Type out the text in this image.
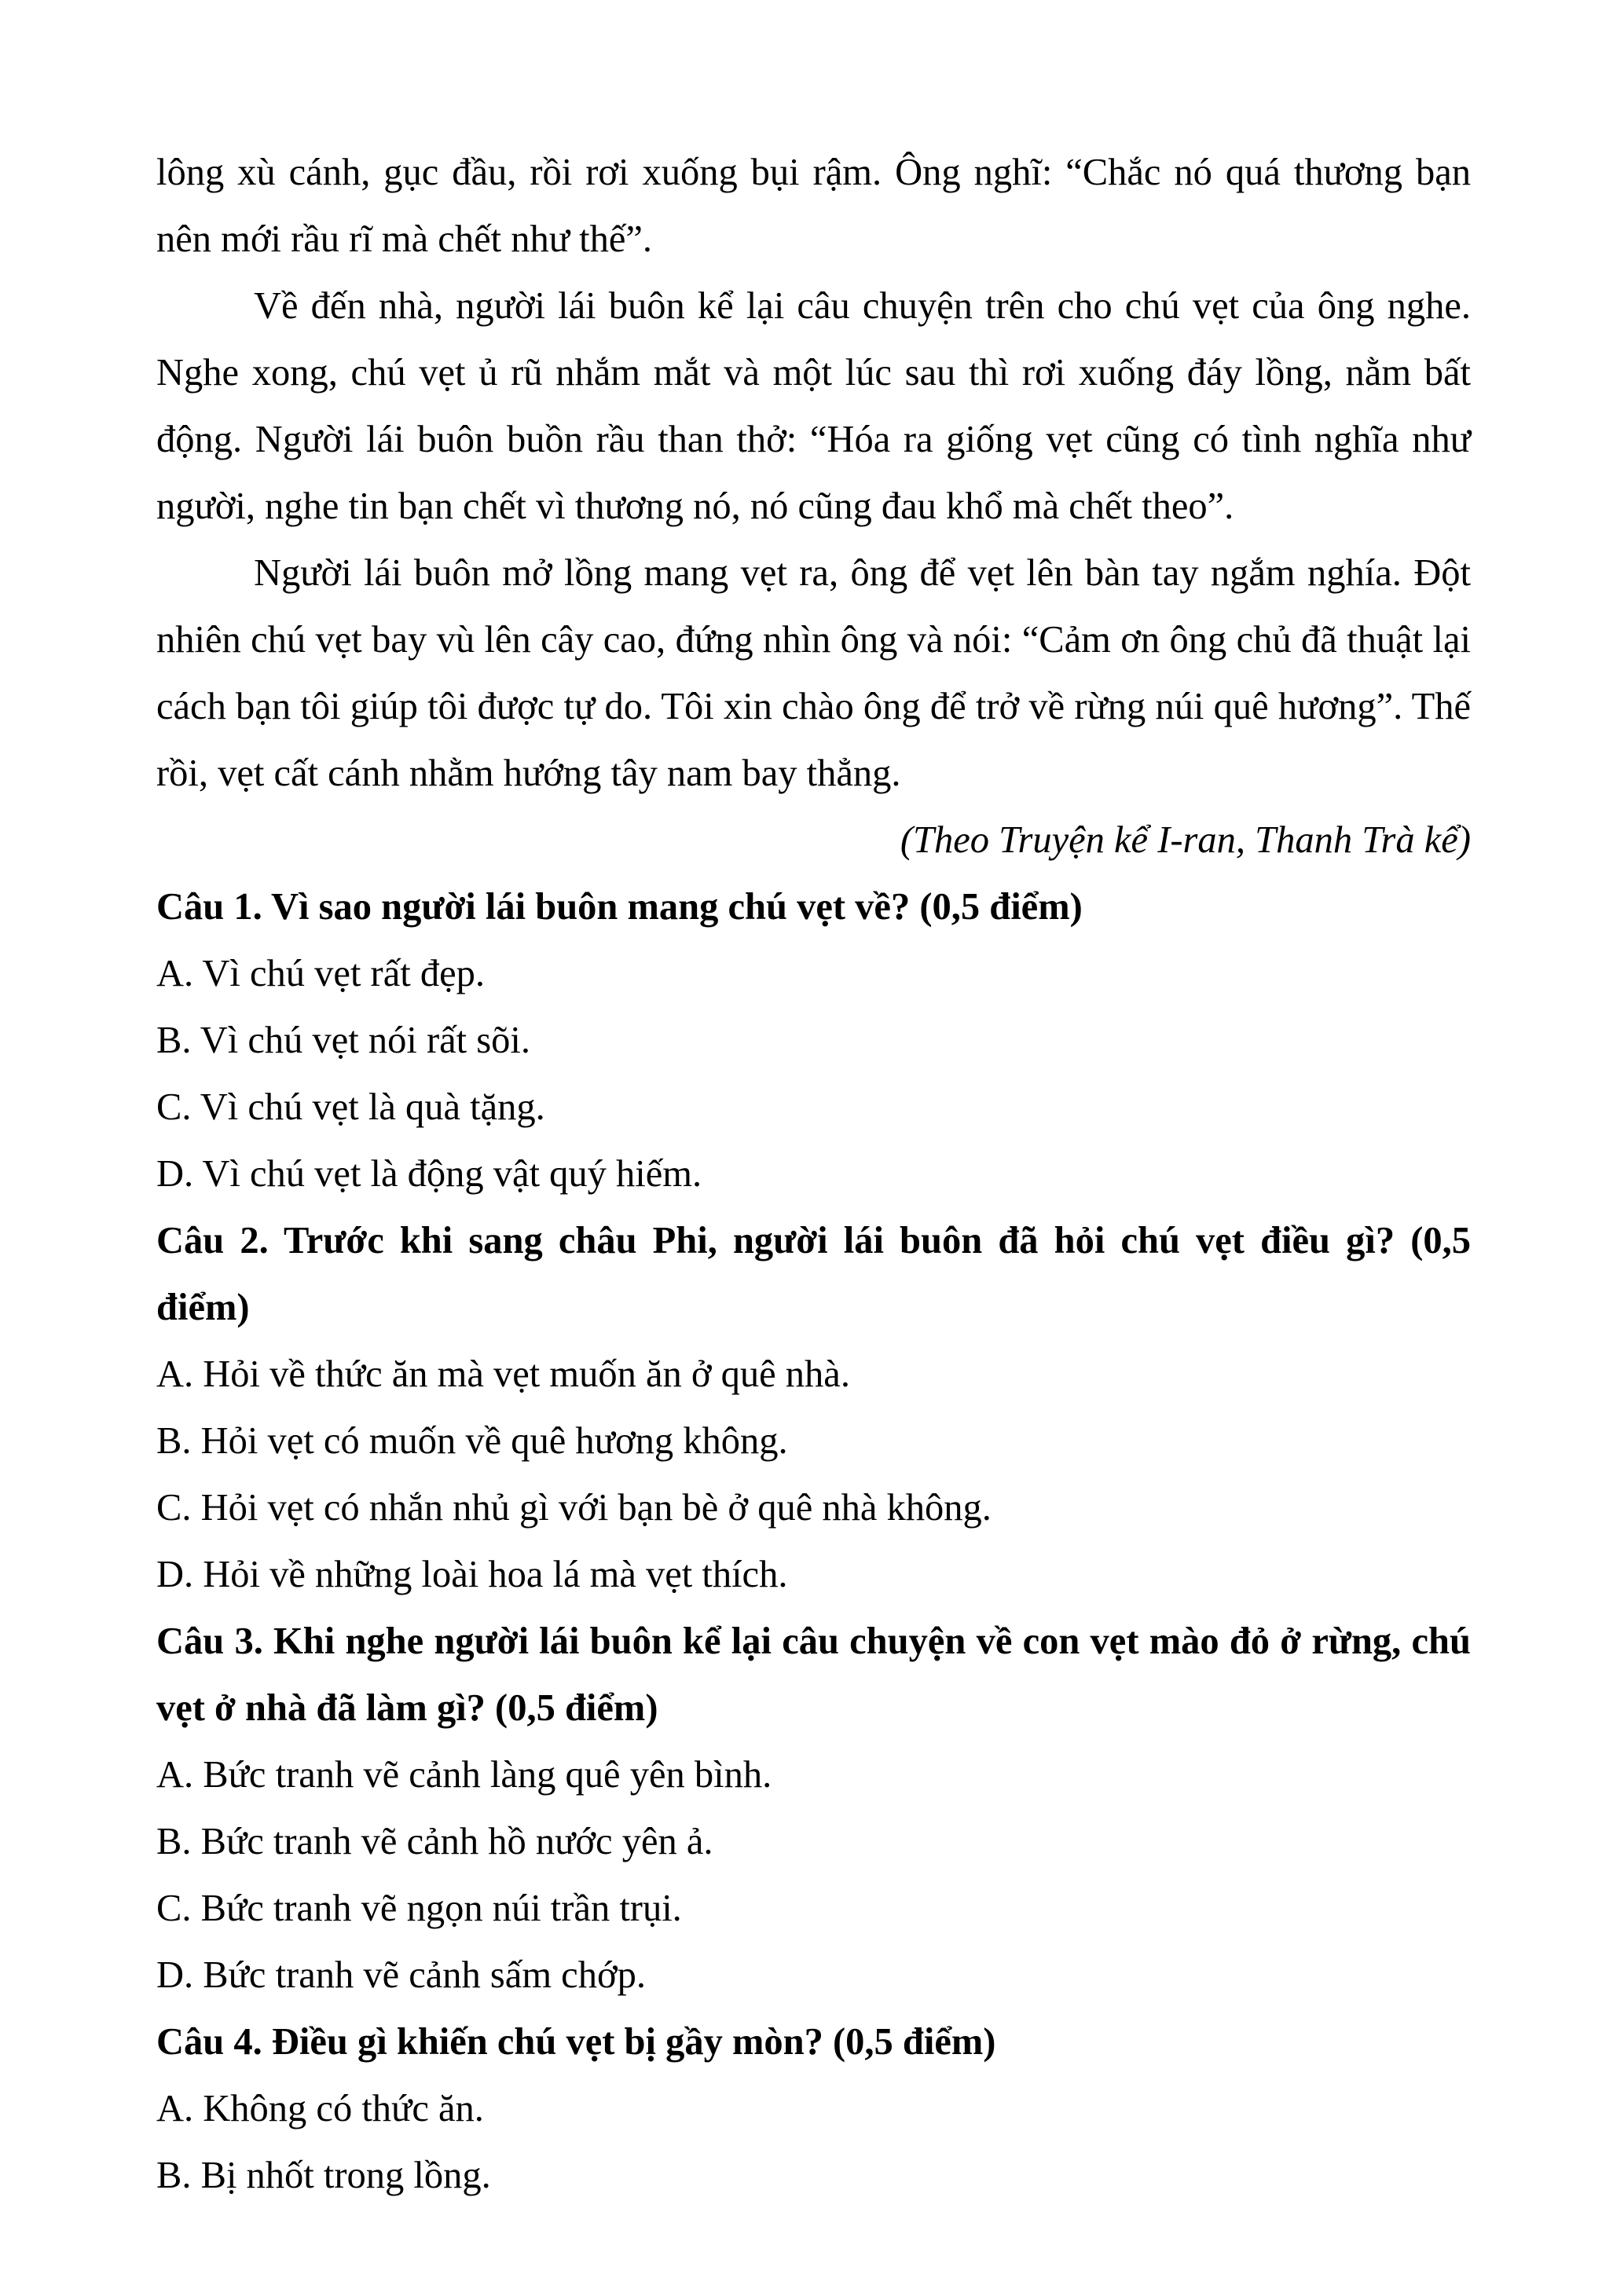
lông xù cánh, gục đầu, rồi rơi xuống bụi rậm. Ông nghĩ: “Chắc nó quá thương bạn nên mới rầu rĩ mà chết như thế”.

Về đến nhà, người lái buôn kể lại câu chuyện trên cho chú vẹt của ông nghe. Nghe xong, chú vẹt ủ rũ nhắm mắt và một lúc sau thì rơi xuống đáy lồng, nằm bất động. Người lái buôn buồn rầu than thở: “Hóa ra giống vẹt cũng có tình nghĩa như người, nghe tin bạn chết vì thương nó, nó cũng đau khổ mà chết theo”.

Người lái buôn mở lồng mang vẹt ra, ông để vẹt lên bàn tay ngắm nghía. Đột nhiên chú vẹt bay vù lên cây cao, đứng nhìn ông và nói: “Cảm ơn ông chủ đã thuật lại cách bạn tôi giúp tôi được tự do. Tôi xin chào ông để trở về rừng núi quê hương”. Thế rồi, vẹt cất cánh nhằm hướng tây nam bay thẳng.

(Theo Truyện kể I-ran, Thanh Trà kể)

Câu 1. Vì sao người lái buôn mang chú vẹt về? (0,5 điểm)

A. Vì chú vẹt rất đẹp.

B. Vì chú vẹt nói rất sõi.

C. Vì chú vẹt là quà tặng.

D. Vì chú vẹt là động vật quý hiếm.

Câu 2. Trước khi sang châu Phi, người lái buôn đã hỏi chú vẹt điều gì? (0,5 điểm)

A. Hỏi về thức ăn mà vẹt muốn ăn ở quê nhà.

B. Hỏi vẹt có muốn về quê hương không.

C. Hỏi vẹt có nhắn nhủ gì với bạn bè ở quê nhà không.

D. Hỏi về những loài hoa lá mà vẹt thích.

Câu 3. Khi nghe người lái buôn kể lại câu chuyện về con vẹt mào đỏ ở rừng, chú vẹt ở nhà đã làm gì? (0,5 điểm)

A. Bức tranh vẽ cảnh làng quê yên bình.

B. Bức tranh vẽ cảnh hồ nước yên ả.

C. Bức tranh vẽ ngọn núi trần trụi.

D. Bức tranh vẽ cảnh sấm chớp.

Câu 4. Điều gì khiến chú vẹt bị gầy mòn? (0,5 điểm)

A. Không có thức ăn.

B. Bị nhốt trong lồng.
